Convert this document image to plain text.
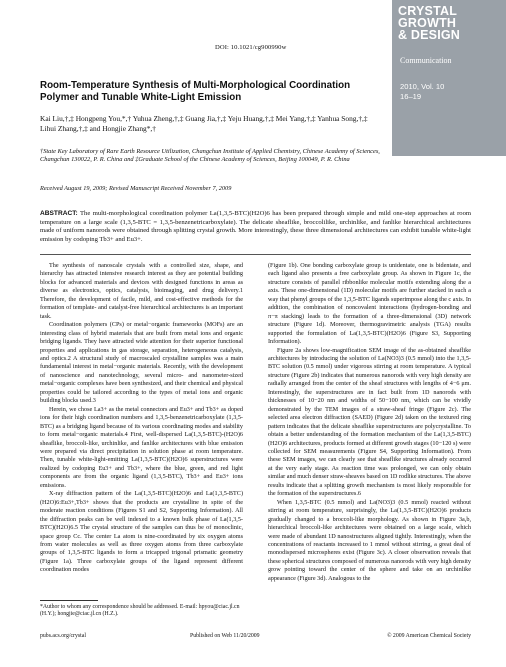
DOI: 10.1021/cg900990w
CRYSTAL
GROWTH
& DESIGN
Communication
2010, Vol. 10
16–19
Room-Temperature Synthesis of Multi-Morphological Coordination Polymer and Tunable White-Light Emission
Kai Liu,†,‡ Hongpeng You,*,† Yuhua Zheng,†,‡ Guang Jia,†,‡ Yeju Huang,†,‡ Mei Yang,†,‡ Yanhua Song,†,‡ Lihui Zhang,†,‡ and Hongjie Zhang*,†
†State Key Laboratory of Rare Earth Resource Utilization, Changchun Institute of Applied Chemistry, Chinese Academy of Sciences, Changchun 130022, P. R. China and ‡Graduate School of the Chinese Academy of Sciences, Beijing 100049, P. R. China
Received August 19, 2009; Revised Manuscript Received November 7, 2009
ABSTRACT: The multi-morphological coordination polymer La(1,3,5-BTC)(H2O)6 has been prepared through simple and mild one-step approaches at room temperature on a large scale (1,3,5-BTC = 1,3,5-benzenetricarboxylate). The delicate sheaflike, broccolilike, urchinlike, and fanlike hierarchical architectures made of uniform nanorods were obtained through splitting crystal growth. More interestingly, these three dimensional architectures can exhibit tunable white-light emission by codoping Tb3+ and Eu3+.

The synthesis of nanoscale crystals with a controlled size, shape, and hierarchy has attracted intensive research interest as they are potential building blocks for advanced materials and devices with designed functions in areas as diverse as electronics, optics, catalysis, bioimaging, and drug delivery.1 Therefore, the development of facile, mild, and cost-effective methods for the formation of template- and catalyst-free hierarchical architectures is an important task.

Coordination polymers (CPs) or metal−organic frameworks (MOFs) are an interesting class of hybrid materials that are built from metal ions and organic bridging ligands. They have attracted wide attention for their superior functional properties and applications in gas storage, separation, heterogeneous catalysis, and optics.2 A structural study of macroscaled crystalline samples was a main fundamental interest in metal−organic materials. Recently, with the development of nanoscience and nanotechnology, several micro- and nanometer-sized metal−organic complexes have been synthesized, and their chemical and physical properties could be tailored according to the types of metal ions and organic building blocks used.3

Herein, we chose La3+ as the metal connectors and Eu3+ and Tb3+ as doped ions for their high coordination numbers and 1,3,5-benzenetricarboxylate (1,3,5-BTC) as a bridging ligand because of its various coordinating modes and stability to form metal−organic materials.4 First, well-dispersed La(1,3,5-BTC)-(H2O)6 sheaflike, broccoli-like, urchinlike, and fanlike architectures with blue emission were prepared via direct precipitation in solution phase at room temperature. Then, tunable white-light-emitting La(1,3,5-BTC)(H2O)6 superstructures were realized by codoping Eu3+ and Tb3+, where the blue, green, and red light components are from the organic ligand (1,3,5-BTC), Tb3+ and Eu3+ ions emissions.

X-ray diffraction pattern of the La(1,3,5-BTC)(H2O)6 and La(1,3,5-BTC)(H2O)6:Eu3+,Tb3+ shows that the products are crystalline in spite of the moderate reaction conditions (Figures S1 and S2, Supporting Information). All the diffraction peaks can be well indexed to a known bulk phase of La(1,3,5-BTC)(H2O)6.5 The crystal structure of the samples can thus be of monoclinic, space group Cc. The center La atom is nine-coordinated by six oxygen atoms from water molecules as well as three oxygen atoms from three carboxylate groups of 1,3,5-BTC ligands to form a tricapped trigonal prismatic geometry (Figure 1a). Three carboxylate groups of the ligand represent different coordination modes

(Figure 1b). One bonding carboxylate group is unidentate, one is bidentate, and each ligand also presents a free carboxylate group. As shown in Figure 1c, the structure consists of parallel ribbonlike molecular motifs extending along the a axis. These one-dimensional (1D) molecular motifs are further stacked in such a way that phenyl groups of the 1,3,5-BTC ligands superimpose along the c axis. In addition, the combination of noncovalent interactions (hydrogen-bonding and π−π stacking) leads to the formation of a three-dimensional (3D) network structure (Figure 1d). Moreover, thermogravimetric analysis (TGA) results supported the formulation of La(1,3,5-BTC)(H2O)6 (Figure S3, Supporting Information).

Figure 2a shows low-magnification SEM image of the as-obtained sheaflike architectures by introducing the solution of La(NO3)3 (0.5 mmol) into the 1,3,5-BTC solution (0.5 mmol) under vigorous stirring at room temperature. A typical structure (Figure 2b) indicates that numerous nanorods with very high density are radially arranged from the center of the sheaf structures with lengths of 4−6 μm. Interestingly, the superstructures are in fact built from 1D nanorods with thicknesses of 10−20 nm and widths of 50−100 nm, which can be vividly demonstrated by the TEM images of a straw-sheaf fringe (Figure 2c). The selected area electron diffraction (SAED) (Figure 2d) taken on the textured ring pattern indicates that the delicate sheaflike superstructures are polycrystalline. To obtain a better understanding of the formation mechanism of the La(1,3,5-BTC)(H2O)6 architectures, products formed at different growth stages (10−120 s) were collected for SEM measurements (Figure S4, Supporting Information). From these SEM images, we can clearly see that sheaflike structures already occurred at the very early stage. As reaction time was prolonged, we can only obtain similar and much denser straw-sheaves based on 1D rodlike structures. The above results indicate that a splitting growth mechanism is most likely responsible for the formation of the superstructures.6

When 1,3,5-BTC (0.5 mmol) and La(NO3)3 (0.5 mmol) reacted without stirring at room temperature, surprisingly, the La(1,3,5-BTC)(H2O)6 products gradually changed to a broccoli-like morphology. As shown in Figure 3a,b, hierarchical broccoli-like architectures were obtained on a large scale, which were made of abundant 1D nanostructures aligned tightly. Interestingly, when the concentrations of reactants increased to 1 mmol without stirring, a great deal of monodispersed microspheres exist (Figure 3c). A closer observation reveals that these spherical structures composed of numerous nanorods with very high density grow pointing toward the center of the sphere and take on an urchinlike appearance (Figure 3d). Analogous to the

*Author to whom any correspondence should be addressed. E-mail: hpyou@ciac.jl.cn (H.Y.); hongjie@ciac.jl.cn (H.Z.).
pubs.acs.org/crystal	Published on Web 11/20/2009	© 2009 American Chemical Society
